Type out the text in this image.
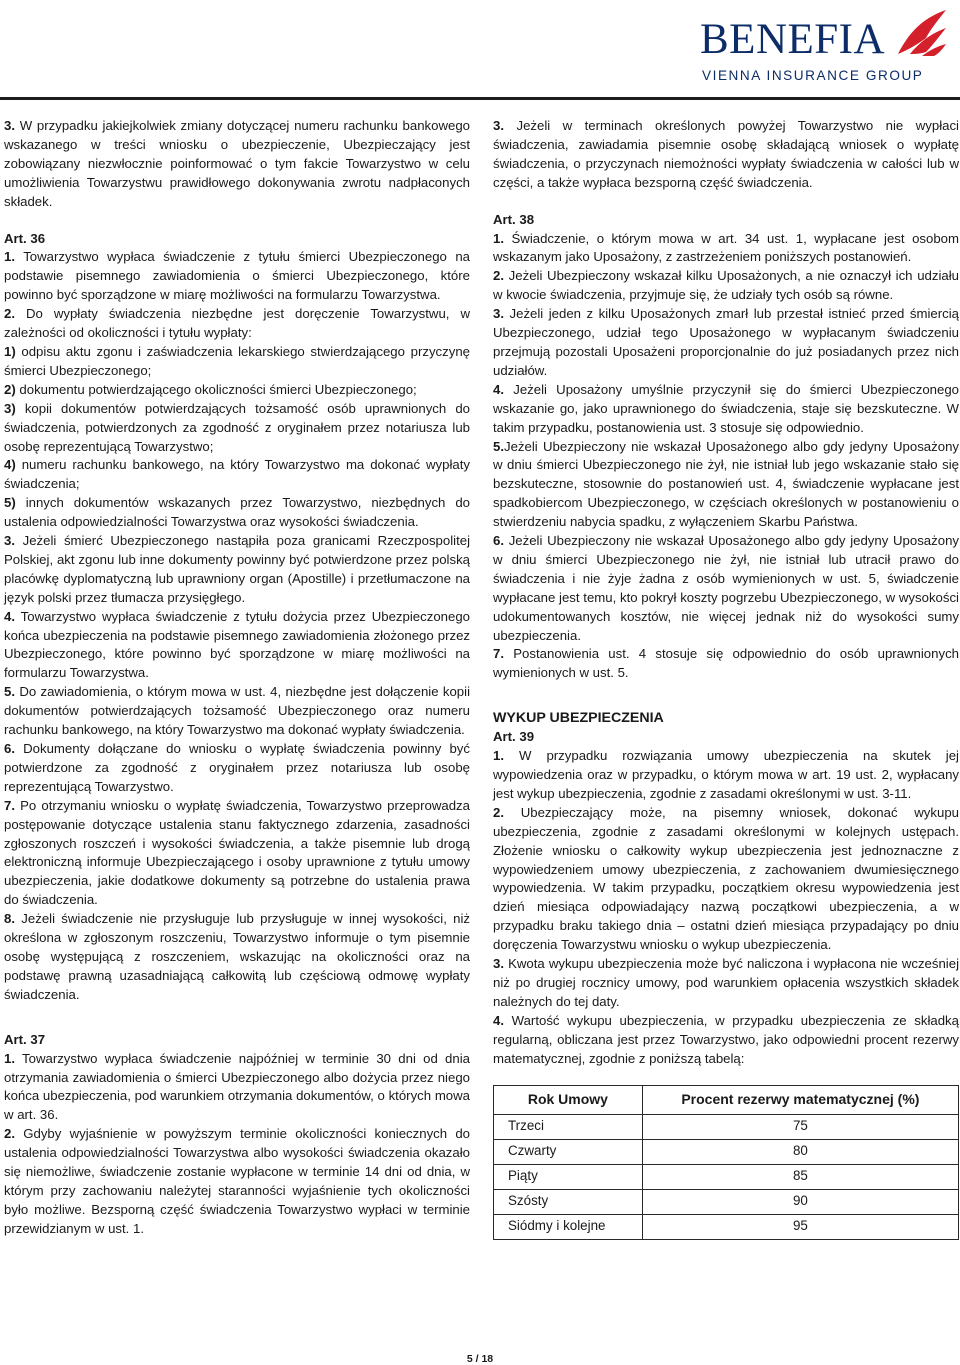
BENEFIA
VIENNA INSURANCE GROUP

3. W przypadku jakiejkolwiek zmiany dotyczącej numeru rachunku bankowego wskazanego w treści wniosku o ubezpieczenie, Ubezpieczający jest zobowiązany niezwłocznie poinformować o tym fakcie Towarzystwo w celu umożliwienia Towarzystwu prawidłowego dokonywania zwrotu nadpłaconych składek.

Art. 36

1. Towarzystwo wypłaca świadczenie z tytułu śmierci Ubezpieczonego na podstawie pisemnego zawiadomienia o śmierci Ubezpieczonego, które powinno być sporządzone w miarę możliwości na formularzu Towarzystwa.

2. Do wypłaty świadczenia niezbędne jest doręczenie Towarzystwu, w zależności od okoliczności i tytułu wypłaty:

1) odpisu aktu zgonu i zaświadczenia lekarskiego stwierdzającego przyczynę śmierci Ubezpieczonego;

2) dokumentu potwierdzającego okoliczności śmierci Ubezpieczonego;

3) kopii dokumentów potwierdzających tożsamość osób uprawnionych do świadczenia, potwierdzonych za zgodność z oryginałem przez notariusza lub osobę reprezentującą Towarzystwo;

4) numeru rachunku bankowego, na który Towarzystwo ma dokonać wypłaty świadczenia;

5) innych dokumentów wskazanych przez Towarzystwo, niezbędnych do ustalenia odpowiedzialności Towarzystwa oraz wysokości świadczenia.

3. Jeżeli śmierć Ubezpieczonego nastąpiła poza granicami Rzeczpospolitej Polskiej, akt zgonu lub inne dokumenty powinny być potwierdzone przez polską placówkę dyplomatyczną lub uprawniony organ (Apostille) i przetłumaczone na język polski przez tłumacza przysięgłego.

4. Towarzystwo wypłaca świadczenie z tytułu dożycia przez Ubezpieczonego końca ubezpieczenia na podstawie pisemnego zawiadomienia złożonego przez Ubezpieczonego, które powinno być sporządzone w miarę możliwości na formularzu Towarzystwa.

5. Do zawiadomienia, o którym mowa w ust. 4, niezbędne jest dołączenie kopii dokumentów potwierdzających tożsamość Ubezpieczonego oraz numeru rachunku bankowego, na który Towarzystwo ma dokonać wypłaty świadczenia.

6. Dokumenty dołączane do wniosku o wypłatę świadczenia powinny być potwierdzone za zgodność z oryginałem przez notariusza lub osobę reprezentującą Towarzystwo.

7. Po otrzymaniu wniosku o wypłatę świadczenia, Towarzystwo przeprowadza postępowanie dotyczące ustalenia stanu faktycznego zdarzenia, zasadności zgłoszonych roszczeń i wysokości świadczenia, a także pisemnie lub drogą elektroniczną informuje Ubezpieczającego i osoby uprawnione z tytułu umowy ubezpieczenia, jakie dodatkowe dokumenty są potrzebne do ustalenia prawa do świadczenia.

8. Jeżeli świadczenie nie przysługuje lub przysługuje w innej wysokości, niż określona w zgłoszonym roszczeniu, Towarzystwo informuje o tym pisemnie osobę występującą z roszczeniem, wskazując na okoliczności oraz na podstawę prawną uzasadniającą całkowitą lub częściową odmowę wypłaty świadczenia.

Art. 37

1. Towarzystwo wypłaca świadczenie najpóźniej w terminie 30 dni od dnia otrzymania zawiadomienia o śmierci Ubezpieczonego albo dożycia przez niego końca ubezpieczenia, pod warunkiem otrzymania dokumentów, o których mowa w art. 36.

2. Gdyby wyjaśnienie w powyższym terminie okoliczności koniecznych do ustalenia odpowiedzialności Towarzystwa albo wysokości świadczenia okazało się niemożliwe, świadczenie zostanie wypłacone w terminie 14 dni od dnia, w którym przy zachowaniu należytej staranności wyjaśnienie tych okoliczności było możliwe. Bezsporną część świadczenia Towarzystwo wypłaci w terminie przewidzianym w ust. 1.

3. Jeżeli w terminach określonych powyżej Towarzystwo nie wypłaci świadczenia, zawiadamia pisemnie osobę składającą wniosek o wypłatę świadczenia, o przyczynach niemożności wypłaty świadczenia w całości lub w części, a także wypłaca bezsporną część świadczenia.

Art. 38

1. Świadczenie, o którym mowa w art. 34 ust. 1, wypłacane jest osobom wskazanym jako Uposażony, z zastrzeżeniem poniższych postanowień.

2. Jeżeli Ubezpieczony wskazał kilku Uposażonych, a nie oznaczył ich udziału w kwocie świadczenia, przyjmuje się, że udziały tych osób są równe.

3. Jeżeli jeden z kilku Uposażonych zmarł lub przestał istnieć przed śmiercią Ubezpieczonego, udział tego Uposażonego w wypłacanym świadczeniu przejmują pozostali Uposażeni proporcjonalnie do już posiadanych przez nich udziałów.

4. Jeżeli Uposażony umyślnie przyczynił się do śmierci Ubezpieczonego wskazanie go, jako uprawnionego do świadczenia, staje się bezskuteczne. W takim przypadku, postanowienia ust. 3 stosuje się odpowiednio.

5.Jeżeli Ubezpieczony nie wskazał Uposażonego albo gdy jedyny Uposażony w dniu śmierci Ubezpieczonego nie żył, nie istniał lub jego wskazanie stało się bezskuteczne, stosownie do postanowień ust. 4, świadczenie wypłacane jest spadkobiercom Ubezpieczonego, w częściach określonych w postanowieniu o stwierdzeniu nabycia spadku, z wyłączeniem Skarbu Państwa.

6. Jeżeli Ubezpieczony nie wskazał Uposażonego albo gdy jedyny Uposażony w dniu śmierci Ubezpieczonego nie żył, nie istniał lub utracił prawo do świadczenia i nie żyje żadna z osób wymienionych w ust. 5, świadczenie wypłacane jest temu, kto pokrył koszty pogrzebu Ubezpieczonego, w wysokości udokumentowanych kosztów, nie więcej jednak niż do wysokości sumy ubezpieczenia.

7. Postanowienia ust. 4 stosuje się odpowiednio do osób uprawnionych wymienionych w ust. 5.

WYKUP UBEZPIECZENIA

Art. 39

1. W przypadku rozwiązania umowy ubezpieczenia na skutek jej wypowiedzenia oraz w przypadku, o którym mowa w art. 19 ust. 2, wypłacany jest wykup ubezpieczenia, zgodnie z zasadami określonymi w ust. 3-11.

2. Ubezpieczający może, na pisemny wniosek, dokonać wykupu ubezpieczenia, zgodnie z zasadami określonymi w kolejnych ustępach. Złożenie wniosku o całkowity wykup ubezpieczenia jest jednoznaczne z wypowiedzeniem umowy ubezpieczenia, z zachowaniem dwumiesięcznego wypowiedzenia. W takim przypadku, początkiem okresu wypowiedzenia jest dzień miesiąca odpowiadający nazwą początkowi ubezpieczenia, a w przypadku braku takiego dnia – ostatni dzień miesiąca przypadający po dniu doręczenia Towarzystwu wniosku o wykup ubezpieczenia.

3. Kwota wykupu ubezpieczenia może być naliczona i wypłacona nie wcześniej niż po drugiej rocznicy umowy, pod warunkiem opłacenia wszystkich składek należnych do tej daty.

4. Wartość wykupu ubezpieczenia, w przypadku ubezpieczenia ze składką regularną, obliczana jest przez Towarzystwo, jako odpowiedni procent rezerwy matematycznej, zgodnie z poniższą tabelą:

Rok Umowy	Procent rezerwy matematycznej (%)
Trzeci	75
Czwarty	80
Piąty	85
Szósty	90
Siódmy i kolejne	95
5 / 18
